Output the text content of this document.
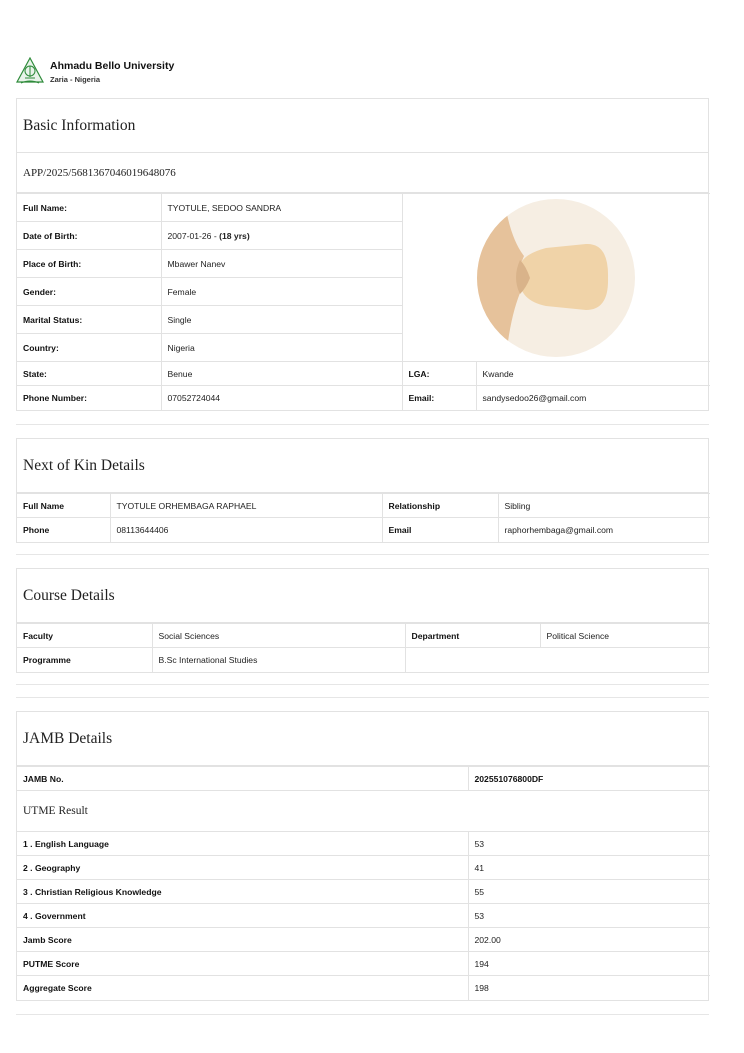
Ahmadu Bello University
Zaria - Nigeria
Basic Information
APP/2025/5681367046019648076
Full Name:	TYOTULE, SEDOO SANDRA	

Date of Birth:	2007-01-26 - (18 yrs)		
Place of Birth:	Mbawer Nanev		
Gender:	Female		
Marital Status:	Single		
Country:	Nigeria		
State:	Benue	LGA:	Kwande
Phone Number:	07052724044	Email:	sandysedoo26@gmail.com
Next of Kin Details
Full Name	TYOTULE ORHEMBAGA RAPHAEL	Relationship	Sibling
Phone	08113644406	Email	raphorhembaga@gmail.com
Course Details
Faculty	Social Sciences	Department	Political Science
Programme	B.Sc International Studies		
JAMB Details
JAMB No.	202551076800DF
UTME Result	
1 . English Language	53
2 . Geography	41
3 . Christian Religious Knowledge	55
4 . Government	53
Jamb Score	202.00
PUTME Score	194
Aggregate Score	198
